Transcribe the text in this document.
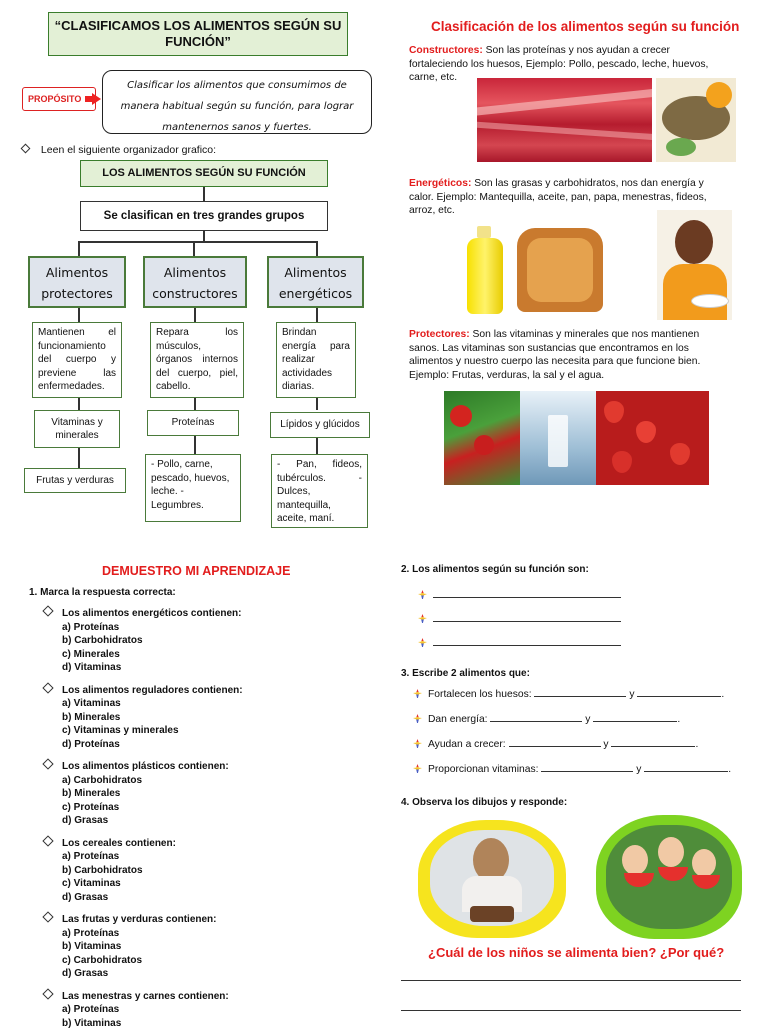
“CLASIFICAMOS LOS ALIMENTOS SEGÚN SU FUNCIÓN”
PROPÓSITO
Clasificar los alimentos que consumimos de manera habitual según su función, para lograr mantenernos sanos y fuertes.
Leen el siguiente organizador grafico:
LOS ALIMENTOS SEGÚN SU FUNCIÓN
Se clasifican en tres grandes grupos
Alimentos
protectores
Alimentos
constructores
Alimentos
energéticos
Mantienen el funcionamiento del cuerpo y previene las enfermedades.
Repara los músculos, órganos internos del cuerpo, piel, cabello.
Brindan energía para realizar actividades diarias.
Vitaminas y minerales
Proteínas	Lípidos y glúcidos
Frutas y verduras
- Pollo, carne, pescado, huevos, leche. - Legumbres.
- Pan, fideos, tubérculos. - Dulces, mantequilla, aceite, maní.
Clasificación de los alimentos según su función
Constructores: Son las proteínas y nos ayudan a crecer fortaleciendo los huesos, Ejemplo: Pollo, pescado, leche, huevos, carne, etc.
Energéticos: Son las grasas y carbohidratos, nos dan energía y calor. Ejemplo: Mantequilla, aceite, pan, papa, menestras, fideos, arroz, etc.
Protectores: Son las vitaminas y minerales que nos mantienen sanos. Las vitaminas son sustancias que encontramos en los alimentos y nuestro cuerpo las necesita para que funcione bien. Ejemplo: Frutas, verduras, la sal y el agua.
DEMUESTRO MI APRENDIZAJE
1. Marca la respuesta correcta:
Los alimentos energéticos contienen:
a) Proteínas
b) Carbohidratos
c) Minerales
d) Vitaminas
Los alimentos reguladores contienen:
a) Vitaminas
b) Minerales
c) Vitaminas y minerales
d) Proteínas
Los alimentos plásticos contienen:
a) Carbohidratos
b) Minerales
c) Proteínas
d) Grasas
Los cereales contienen:
a) Proteínas
b) Carbohidratos
c) Vitaminas
d) Grasas
Las frutas y verduras contienen:
a) Proteínas
b) Vitaminas
c) Carbohidratos
d) Grasas
Las menestras y carnes contienen:
a) Proteínas
b) Vitaminas
2. Los alimentos según su función son:
3. Escribe 2 alimentos que:
Fortalecen los huesos:	y	.
Dan energía:	y	.
Ayudan a crecer:	y	.
Proporcionan vitaminas:	y	.
4. Observa los dibujos y responde:
¿Cuál de los niños se alimenta bien? ¿Por qué?
